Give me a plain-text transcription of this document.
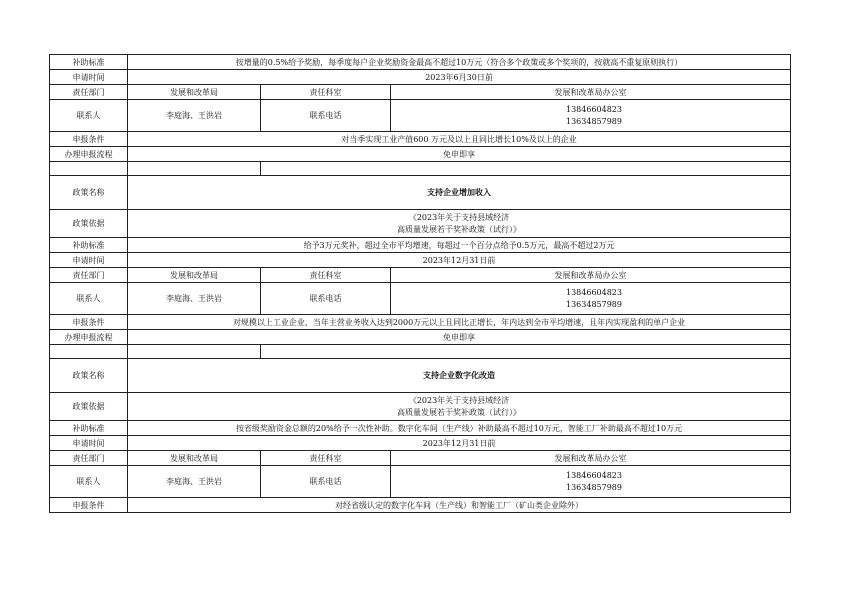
补助标准	按增量的0.5%给予奖励，每季度每户企业奖励资金最高不超过10万元（符合多个政策或多个奖项的，按就高不重复原则执行）		
申请时间	2023年6月30日前		
责任部门	发展和改革局	责任科室	发展和改革局办公室
联系人	李庭海、王洪岩	联系电话	13846604823
13634857989

申报条件	对当季实现工业产值600 万元及以上且同比增长10%及以上的企业		
办理申报流程	免申即享		

政策名称	支持企业增加收入		
政策依据	《2023年关于支持县域经济
高质量发展若干奖补政策（试行）》		

补助标准	给予3万元奖补，超过全市平均增速，每超过一个百分点给予0.5万元，最高不超过2万元		
申请时间	2023年12月31日前		
责任部门	发展和改革局	责任科室	发展和改革局办公室
联系人	李庭海、王洪岩	联系电话	13846604823
13634857989

申报条件	对规模以上工业企业，当年主营业务收入达到2000万元以上且同比正增长，年内达到全市平均增速，且年内实现盈利的单户企业		
办理申报流程	免申即享		

政策名称	支持企业数字化改造		
政策依据	《2023年关于支持县域经济
高质量发展若干奖补政策（试行）》		

补助标准	按省级奖励资金总额的20%给予一次性补助。数字化车间（生产线）补助最高不超过10万元，智能工厂补助最高不超过10万元		
申请时间	2023年12月31日前		
责任部门	发展和改革局	责任科室	发展和改革局办公室
联系人	李庭海、王洪岩	联系电话	13846604823
13634857989

申报条件	对经省级认定的数字化车间（生产线）和智能工厂（矿山类企业除外）		
